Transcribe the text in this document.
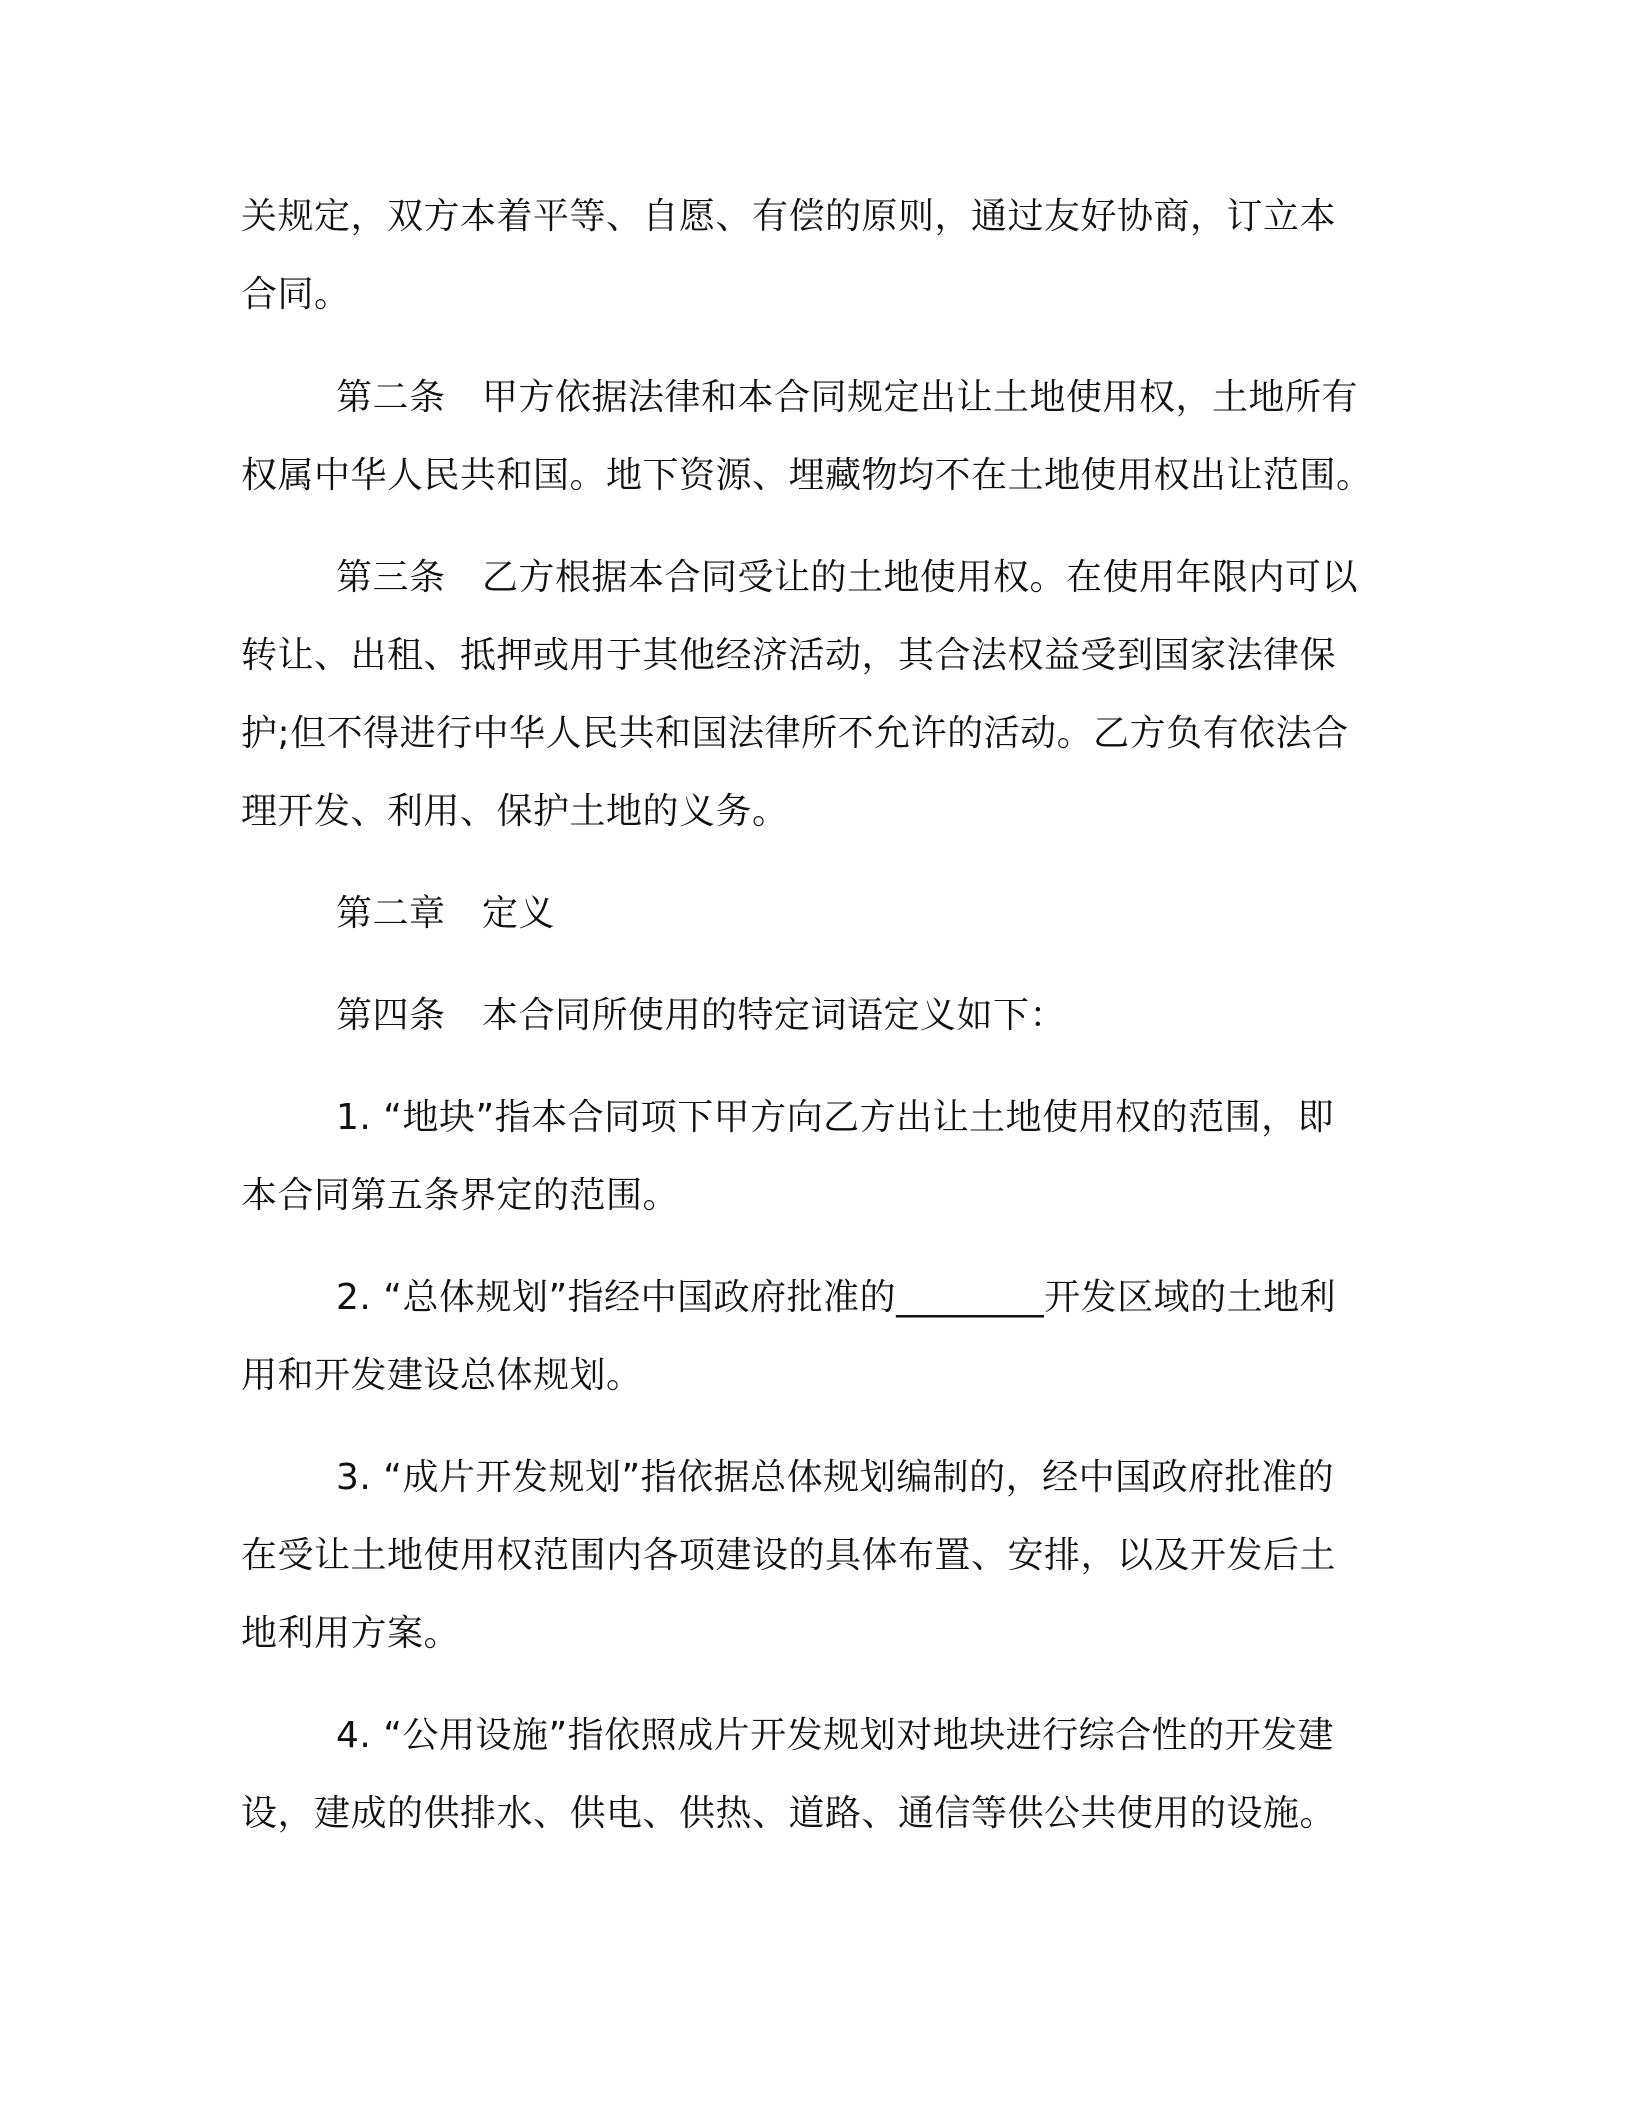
关规定，双方本着平等、自愿、有偿的原则，通过友好协商，订立本

合同。

第二条　甲方依据法律和本合同规定出让土地使用权，土地所有

权属中华人民共和国。地下资源、埋藏物均不在土地使用权出让范围。

第三条　乙方根据本合同受让的土地使用权。在使用年限内可以

转让、出租、抵押或用于其他经济活动，其合法权益受到国家法律保

护;但不得进行中华人民共和国法律所不允许的活动。乙方负有依法合

理开发、利用、保护土地的义务。

第二章　定义

第四条　本合同所使用的特定词语定义如下：

1. “地块”指本合同项下甲方向乙方出让土地使用权的范围，即

本合同第五条界定的范围。

2. “总体规划”指经中国政府批准的________开发区域的土地利

用和开发建设总体规划。

3. “成片开发规划”指依据总体规划编制的，经中国政府批准的

在受让土地使用权范围内各项建设的具体布置、安排，以及开发后土

地利用方案。

4. “公用设施”指依照成片开发规划对地块进行综合性的开发建

设，建成的供排水、供电、供热、道路、通信等供公共使用的设施。
